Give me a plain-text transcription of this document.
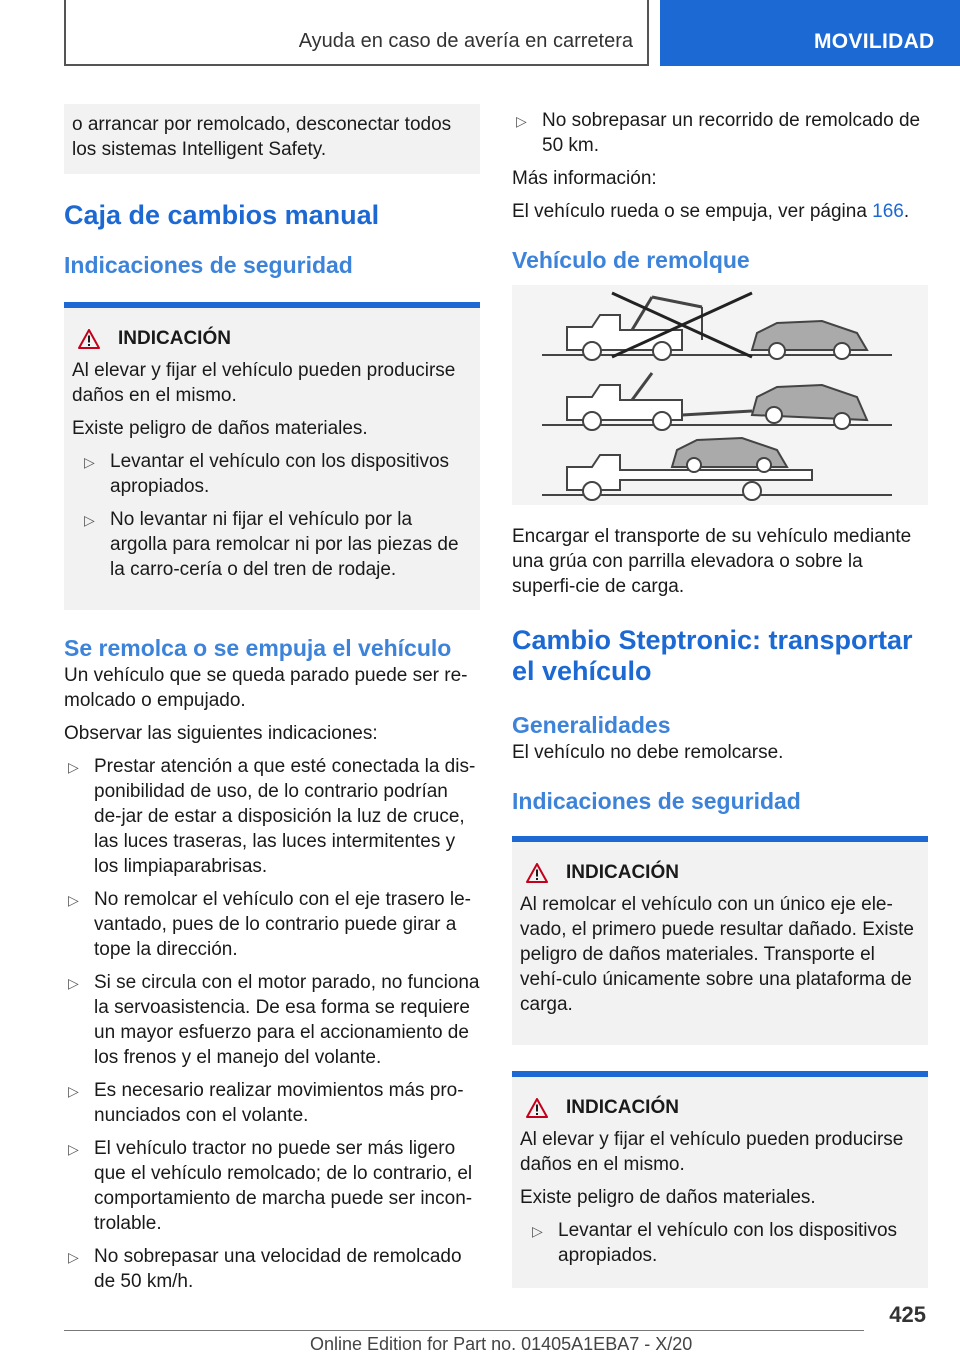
Ayuda en caso de avería en carretera	MOVILIDAD

o arrancar por remolcado, desconectar todos los sistemas Intelligent Safety.

Caja de cambios manual
Indicaciones de seguridad
INDICACIÓN

Al elevar y fijar el vehículo pueden producirse daños en el mismo.

Existe peligro de daños materiales.

▷ Levantar el vehículo con los dispositivos apropiados.
▷ No levantar ni fijar el vehículo por la argolla para remolcar ni por las piezas de la carro-cería o del tren de rodaje.
Se remolca o se empuja el vehículo

Un vehículo que se queda parado puede ser re-molcado o empujado.

Observar las siguientes indicaciones:

▷ Prestar atención a que esté conectada la dis-ponibilidad de uso, de lo contrario podrían de-jar de estar a disposición la luz de cruce, las luces traseras, las luces intermitentes y los limpiaparabrisas.
▷ No remolcar el vehículo con el eje trasero le-vantado, pues de lo contrario puede girar a tope la dirección.
▷ Si se circula con el motor parado, no funciona la servoasistencia. De esa forma se requiere un mayor esfuerzo para el accionamiento de los frenos y el manejo del volante.
▷ Es necesario realizar movimientos más pro-nunciados con el volante.
▷ El vehículo tractor no puede ser más ligero que el vehículo remolcado; de lo contrario, el comportamiento de marcha puede ser incon-trolable.
▷ No sobrepasar una velocidad de remolcado de 50 km/h.
▷ No sobrepasar un recorrido de remolcado de 50 km.

Más información:

El vehículo rueda o se empuja, ver página 166.

Vehículo de remolque

Encargar el transporte de su vehículo mediante una grúa con parrilla elevadora o sobre la superfi-cie de carga.

Cambio Steptronic: transportar el vehículo
Generalidades

El vehículo no debe remolcarse.

Indicaciones de seguridad
INDICACIÓN

Al remolcar el vehículo con un único eje ele-vado, el primero puede resultar dañado. Existe peligro de daños materiales. Transporte el vehí-culo únicamente sobre una plataforma de carga.

INDICACIÓN

Al elevar y fijar el vehículo pueden producirse daños en el mismo.

Existe peligro de daños materiales.

▷ Levantar el vehículo con los dispositivos apropiados.
425
Online Edition for Part no. 01405A1EBA7 - X/20
